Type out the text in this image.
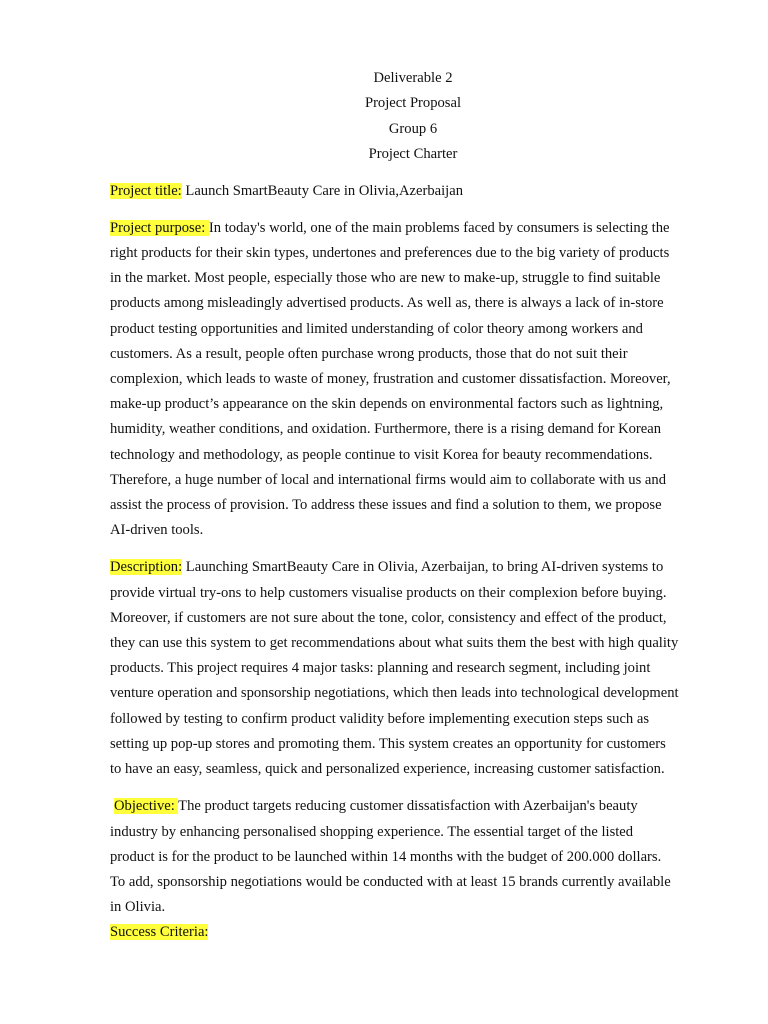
Deliverable 2

Project Proposal

Group 6

Project Charter

Project title: Launch SmartBeauty Care in Olivia,Azerbaijan

Project purpose: In today's world, one of the main problems faced by consumers is selecting the
right products for their skin types, undertones and preferences due to the big variety of products
in the market. Most people, especially those who are new to make-up, struggle to find suitable
products among misleadingly advertised products. As well as, there is always a lack of in-store
product testing opportunities and limited understanding of color theory among workers and
customers. As a result, people often purchase wrong products, those that do not suit their
complexion, which leads to waste of money, frustration and customer dissatisfaction. Moreover,
make-up product’s appearance on the skin depends on environmental factors such as lightning,
humidity, weather conditions, and oxidation. Furthermore, there is a rising demand for Korean
technology and methodology, as people continue to visit Korea for beauty recommendations.
Therefore, a huge number of local and international firms would aim to collaborate with us and
assist the process of provision. To address these issues and find a solution to them, we propose
AI-driven tools.

Description: Launching SmartBeauty Care in Olivia, Azerbaijan, to bring AI-driven systems to
provide virtual try-ons to help customers visualise products on their complexion before buying.
Moreover, if customers are not sure about the tone, color, consistency and effect of the product,
they can use this system to get recommendations about what suits them the best with high quality
products. This project requires 4 major tasks: planning and research segment, including joint
venture operation and sponsorship negotiations, which then leads into technological development
followed by testing to confirm product validity before implementing execution steps such as
setting up pop-up stores and promoting them. This system creates an opportunity for customers
to have an easy, seamless, quick and personalized experience, increasing customer satisfaction.

Objective: The product targets reducing customer dissatisfaction with Azerbaijan's beauty
industry by enhancing personalised shopping experience. The essential target of the listed
product is for the product to be launched within 14 months with the budget of 200.000 dollars.
To add, sponsorship negotiations would be conducted with at least 15 brands currently available
in Olivia.
Success Criteria:
